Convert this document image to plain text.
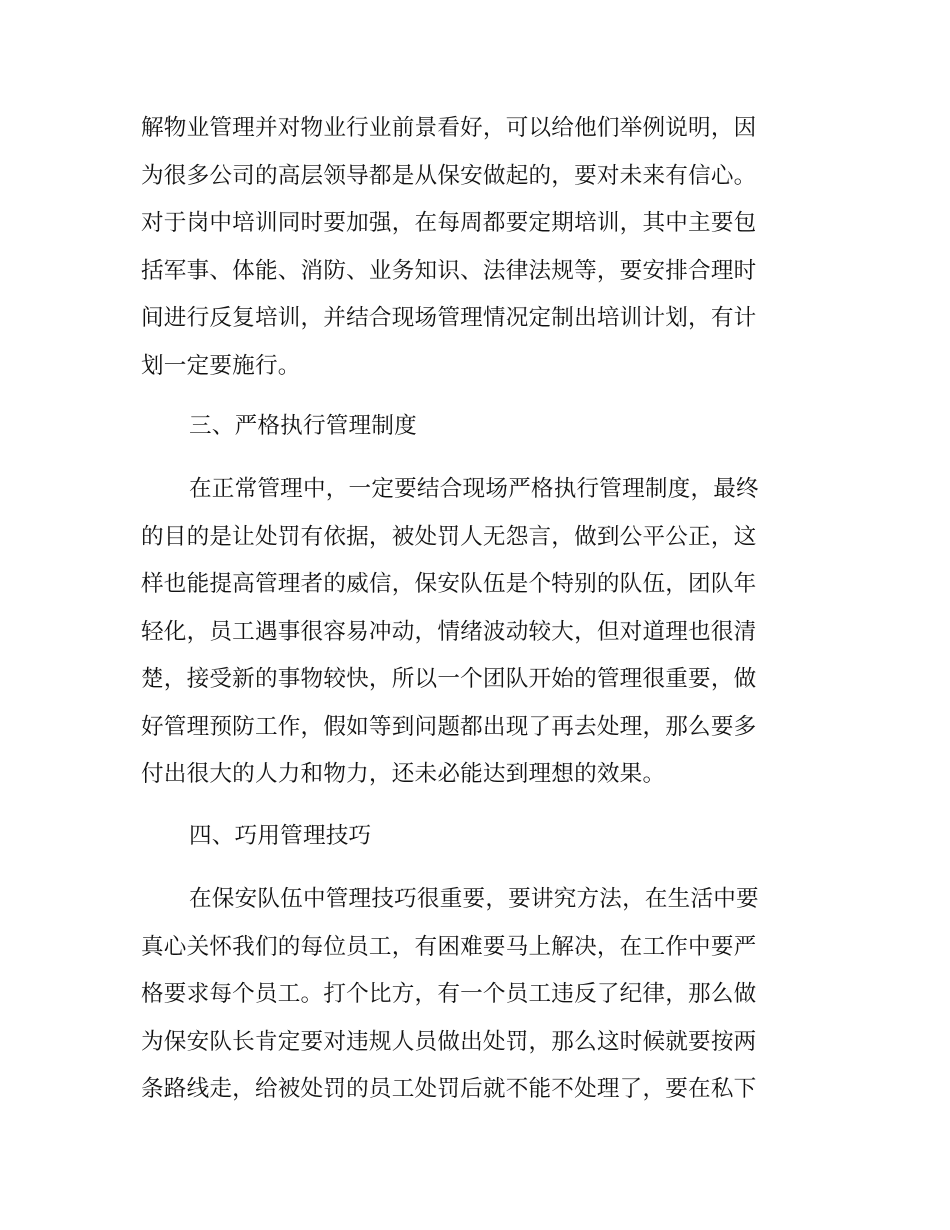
解物业管理并对物业行业前景看好，可以给他们举例说明，因

为很多公司的高层领导都是从保安做起的，要对未来有信心。

对于岗中培训同时要加强，在每周都要定期培训，其中主要包

括军事、体能、消防、业务知识、法律法规等，要安排合理时

间进行反复培训，并结合现场管理情况定制出培训计划，有计

划一定要施行。

三、严格执行管理制度

在正常管理中，一定要结合现场严格执行管理制度，最终

的目的是让处罚有依据，被处罚人无怨言，做到公平公正，这

样也能提高管理者的威信，保安队伍是个特别的队伍，团队年

轻化，员工遇事很容易冲动，情绪波动较大，但对道理也很清

楚，接受新的事物较快，所以一个团队开始的管理很重要，做

好管理预防工作，假如等到问题都出现了再去处理，那么要多

付出很大的人力和物力，还未必能达到理想的效果。

四、巧用管理技巧

在保安队伍中管理技巧很重要，要讲究方法，在生活中要

真心关怀我们的每位员工，有困难要马上解决，在工作中要严

格要求每个员工。打个比方，有一个员工违反了纪律，那么做

为保安队长肯定要对违规人员做出处罚，那么这时候就要按两

条路线走，给被处罚的员工处罚后就不能不处理了，要在私下
